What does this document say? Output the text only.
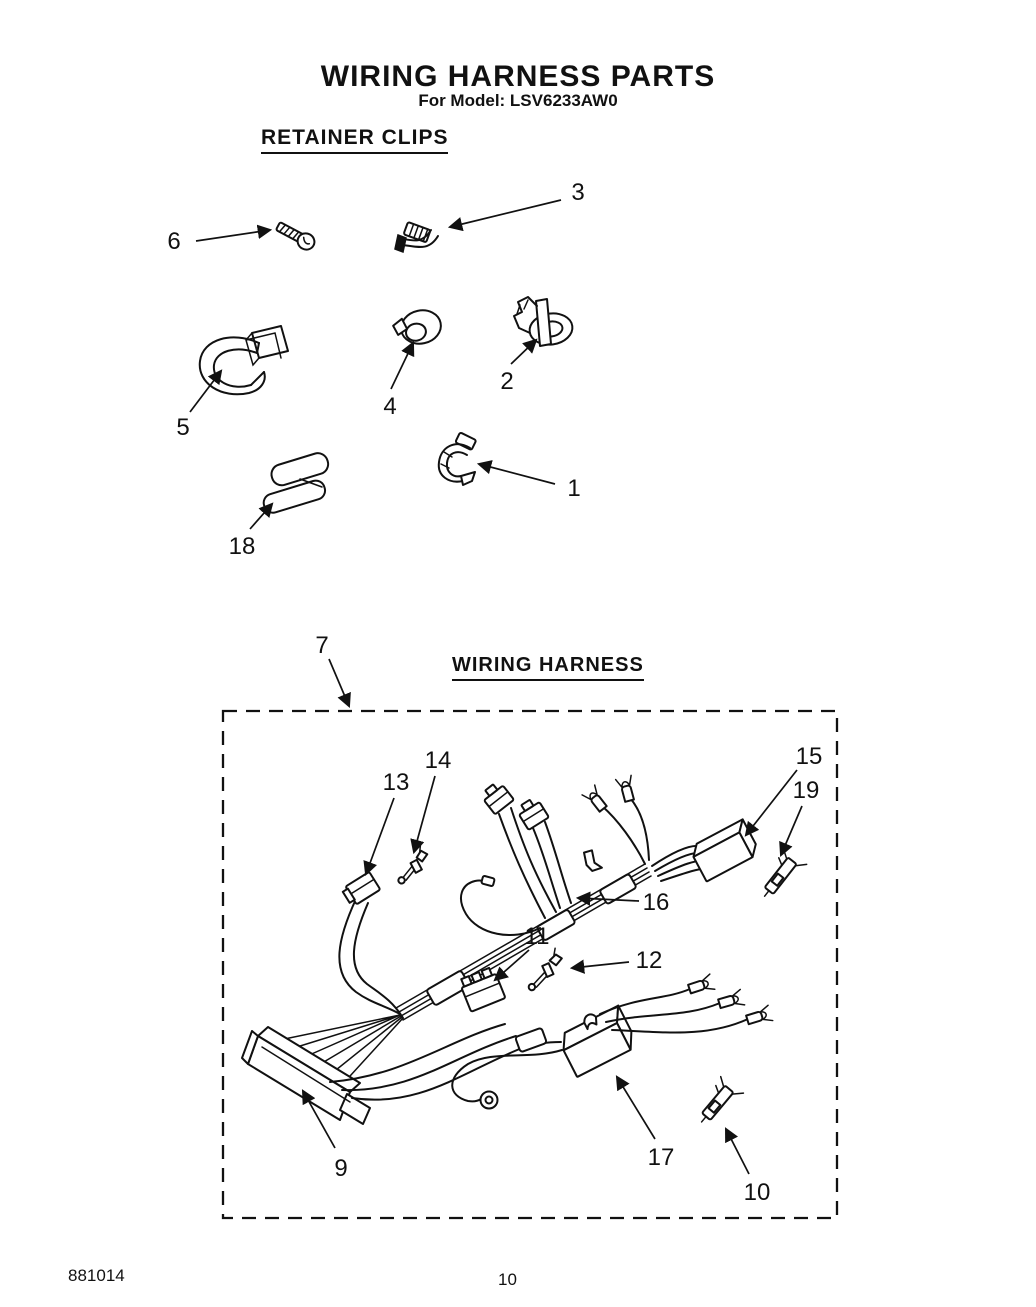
WIRING HARNESS PARTS
For Model: LSV6233AW0
RETAINER CLIPS
WIRING HARNESS
6
3
5
4
2
18
1
7
13
14	15
19
16
11
12
9	17
10
881014	10
